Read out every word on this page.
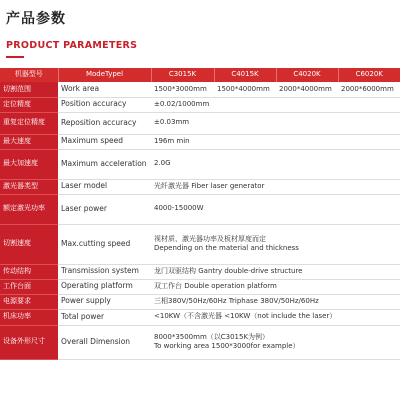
产品参数
PRODUCT PARAMETERS
机器型号	ModeTypel	C3015K	C4015K	C4020K	C6020K
切割范围	Work area	1500*3000mm	1500*4000mm	2000*4000mm	2000*6000mm
定位精度	Position accuracy	±0.02/1000mm			
重复定位精度	Reposition accuracy	±0.03mm			
最大速度	Maximum speed	196m min			
最大加速度	Maximum acceleration	2.0G			
激光器类型	Laser model	光纤激光器 Fiber laser generator			
额定激光功率	Laser power	4000-15000W			
切割速度	Max.cutting speed	视材质、激光器功率及板材厚度而定
Depending on the material and thickness			

传动结构	Transmission system	龙门双驱结构 Gantry double-drive structure			
工作台面	Operating platform	双工作台 Double operation platform			
电源要求	Power supply	三相380V/50Hz/60Hz Triphase 380V/50Hz/60Hz			
机床功率	Total power	<10KW（不含激光器 <10KW（not include the laser）			
设备外形尺寸	Overall Dimension	8000*3500mm（以C3015K为例）
To working area 1500*3000for example）			
